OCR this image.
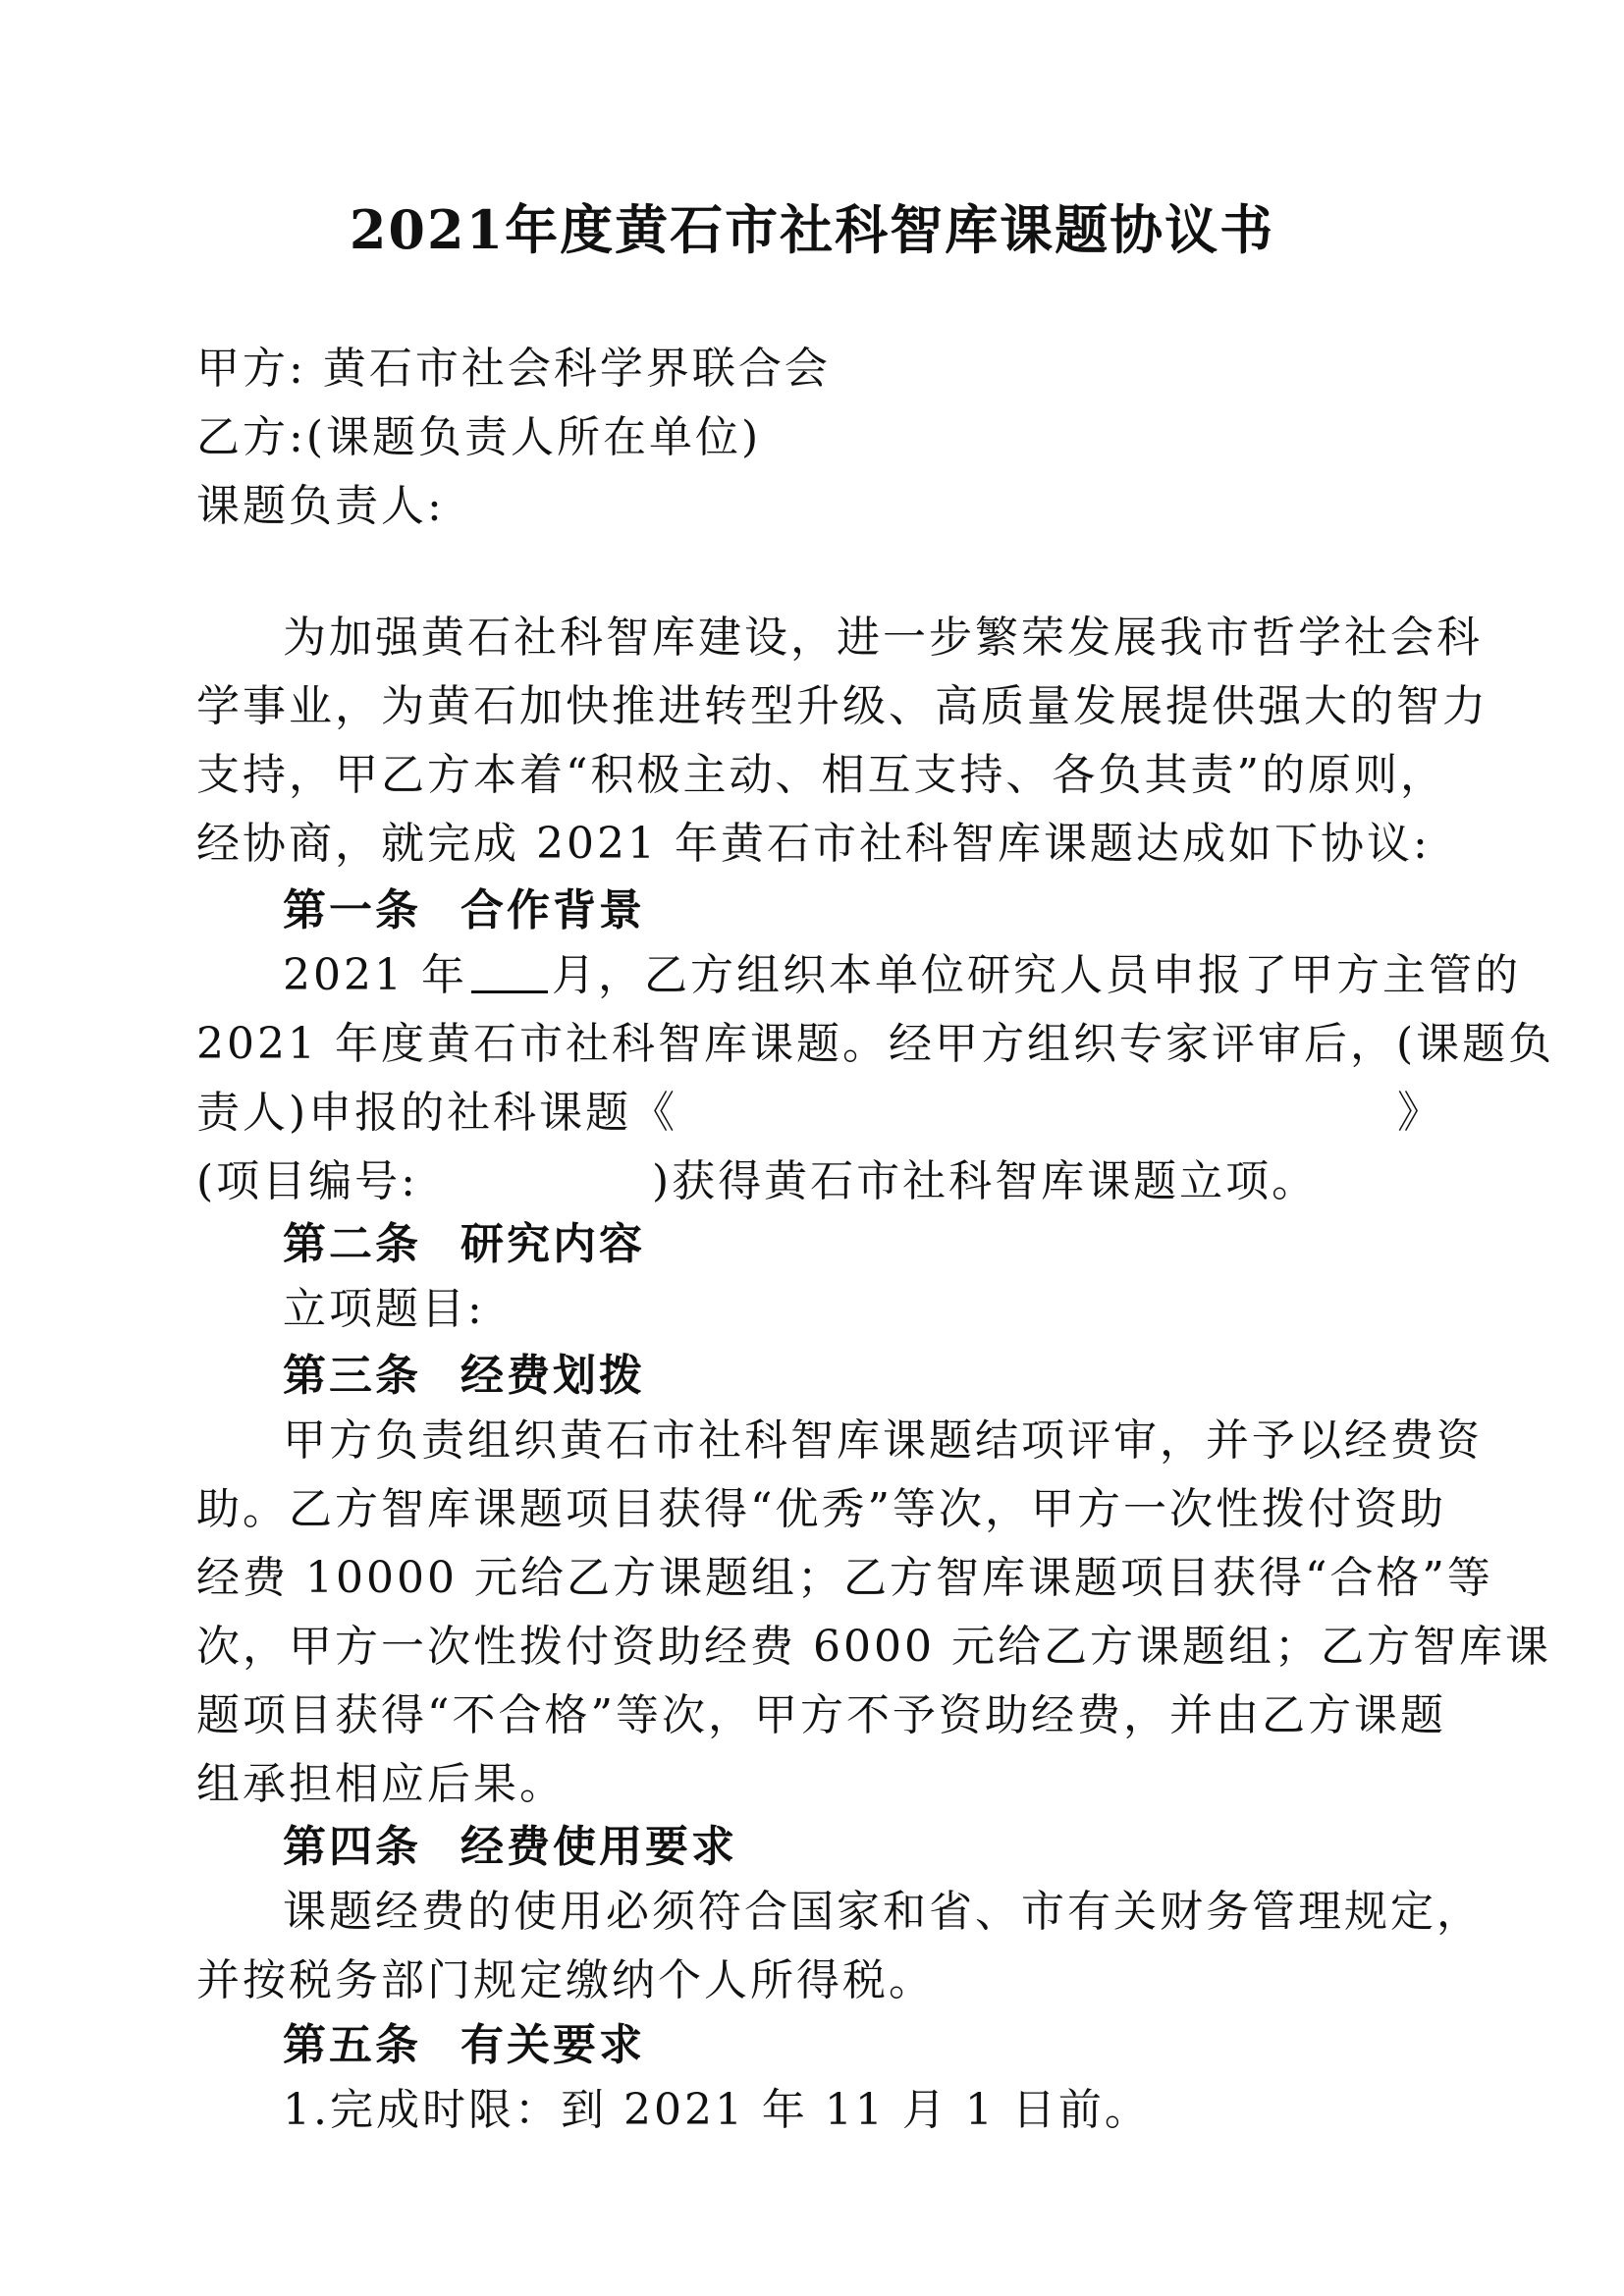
2021年度黄石市社科智库课题协议书

甲方: 黄石市社会科学界联合会

乙方:(课题负责人所在单位)

课题负责人:

为加强黄石社科智库建设，进一步繁荣发展我市哲学社会科

学事业，为黄石加快推进转型升级、高质量发展提供强大的智力

支持，甲乙方本着“积极主动、相互支持、各负其责”的原则，

经协商，就完成 2021 年黄石市社科智库课题达成如下协议:

第一条 合作背景

2021 年 月，乙方组织本单位研究人员申报了甲方主管的

2021 年度黄石市社科智库课题。经甲方组织专家评审后，(课题负

责人)申报的社科课题《	》

(项目编号:	)获得黄石市社科智库课题立项。

第二条 研究内容

立项题目:

第三条 经费划拨

甲方负责组织黄石市社科智库课题结项评审，并予以经费资

助。乙方智库课题项目获得“优秀”等次，甲方一次性拨付资助

经费 10000 元给乙方课题组；乙方智库课题项目获得“合格”等

次，甲方一次性拨付资助经费 6000 元给乙方课题组；乙方智库课

题项目获得“不合格”等次，甲方不予资助经费，并由乙方课题

组承担相应后果。

第四条 经费使用要求

课题经费的使用必须符合国家和省、市有关财务管理规定，

并按税务部门规定缴纳个人所得税。

第五条 有关要求

1.完成时限：到 2021 年 11 月 1 日前。
